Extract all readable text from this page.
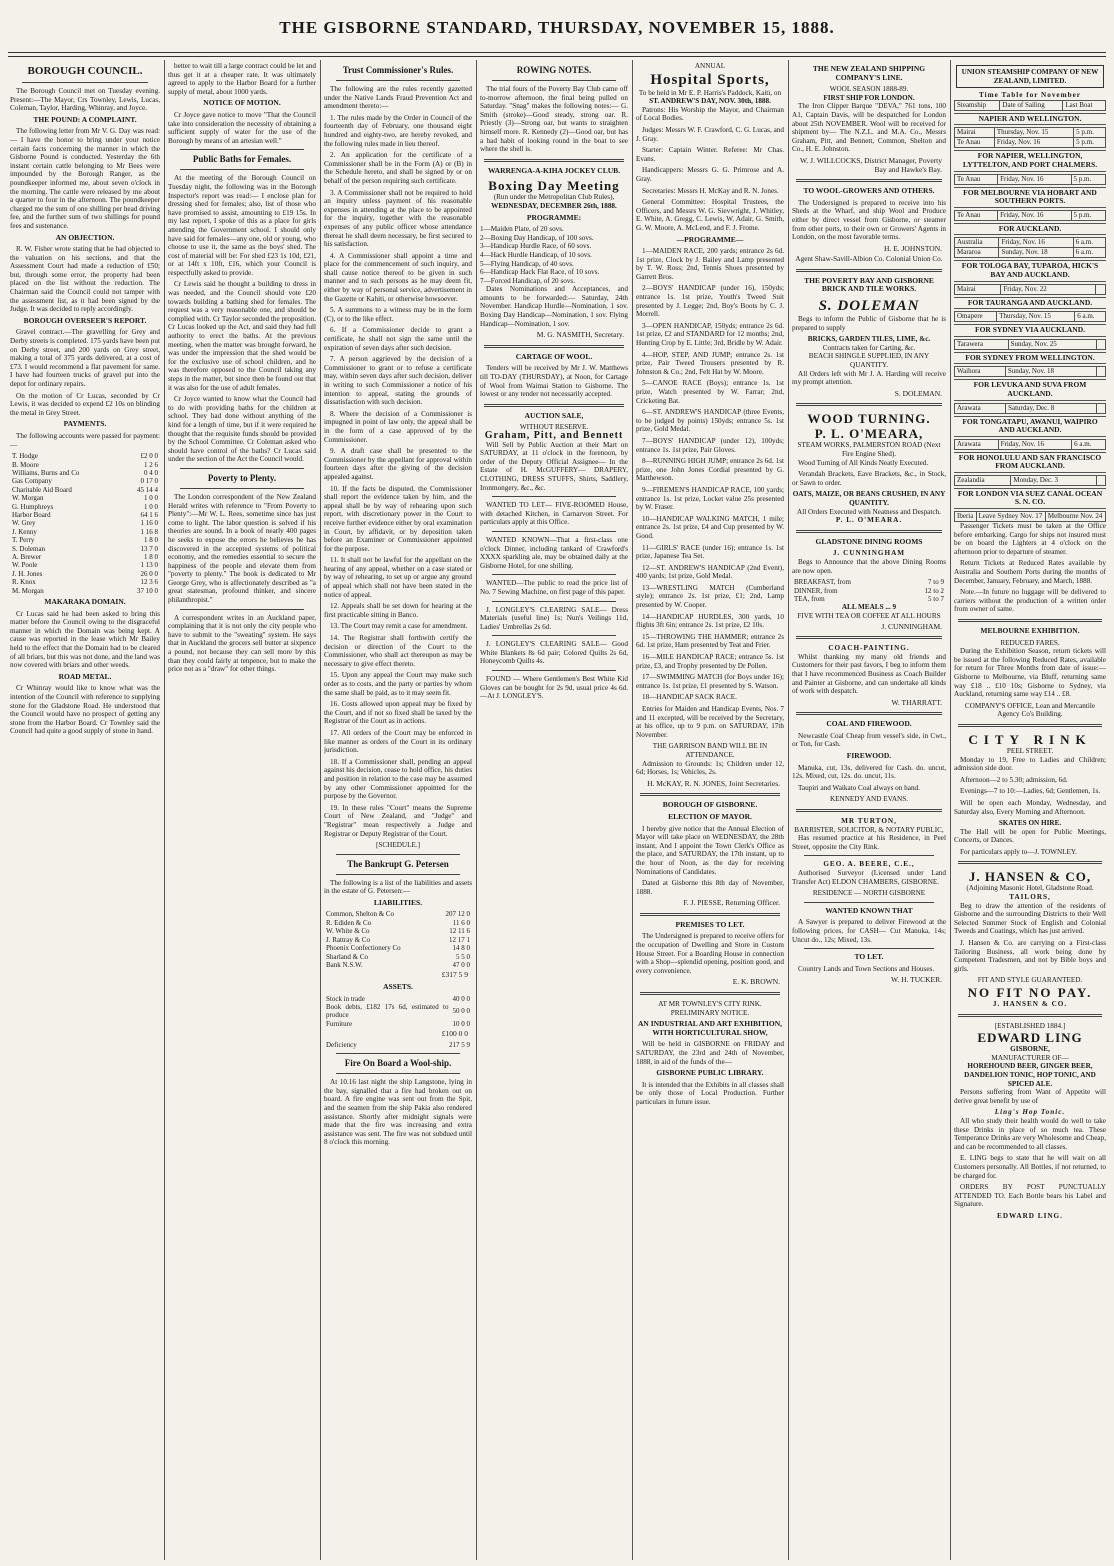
THE GISBORNE STANDARD, THURSDAY, NOVEMBER 15, 1888.
BOROUGH COUNCIL.

The Borough Council met on Tuesday evening. Present:—The Mayor, Crs Townley, Lewis, Lucas, Coleman, Taylor, Harding, Whinray, and Joyce.

THE POUND: A COMPLAINT.

The following letter from Mr V. G. Day was read:— I have the honor to bring under your notice certain facts concerning the manner in which the Gisborne Pound is conducted. Yesterday the 6th instant certain cattle belonging to Mr Bees were impounded by the Borough Ranger, as the poundkeeper informed me, about seven o'clock in the morning. The cattle were released by me about a quarter to four in the afternoon. The poundkeeper charged me the sum of one shilling per head driving fee, and the further sum of two shillings for pound fees and sustenance.

AN OBJECTION.

R. W. Fisher wrote stating that he had objected to the valuation on his sections, and that the Assessment Court had made a reduction of £50; but, through some error, the property had been placed on the list without the reduction. The Chairman said the Council could not tamper with the assessment list, as it had been signed by the Judge. It was decided to reply accordingly.

BOROUGH OVERSEER'S REPORT.

Gravel contract.—The gravelling for Grey and Derby streets is completed. 175 yards have been put on Derby street, and 200 yards on Grey street, making a total of 375 yards delivered, at a cost of £73. I would recommend a flat pavement for same. I have had fourteen trucks of gravel put into the depot for ordinary repairs.

On the motion of Cr Lucas, seconded by Cr Lewis, it was decided to expend £2 10s on blinding the metal in Grey Street.

PAYMENTS.

The following accounts were passed for payment:—

T. Hodge	£2 0 0
B. Moore	1 2 6
Williams, Burns and Co	0 4 0
Gas Company	0 17 0
Charitable Aid Board	45 14 4
W. Morgan	1 0 0
G. Humphreys	1 0 0
Harbor Board	64 1 6
W. Grey	1 16 0
J. Kenny	1 16 8
T. Perry	1 8 0
S. Doleman	13 7 0
A. Brewer	1 8 0
W. Poole	1 13 0
J. H. Jones	26 0 0
R. Knox	12 3 6
M. Morgan	37 10 0
MAKARAKA DOMAIN.

Cr Lucas said he had been asked to bring this matter before the Council owing to the disgraceful manner in which the Domain was being kept. A cause was reported in the lease which Mr Bailey held to the effect that the Domain had to be cleared of all briars, but this was not done, and the land was now covered with briars and other weeds.

ROAD METAL.

Cr Whinray would like to know what was the intention of the Council with reference to supplying stone for the Gladstone Road. He understood that the Council would have no prospect of getting any stone from the Harbor Board. Cr Townley said the Council had quite a good supply of stone in hand.

better to wait till a large contract could be let and thus get it at a cheaper rate. It was ultimately agreed to apply to the Harbor Board for a further supply of metal, about 1000 yards.

NOTICE OF MOTION.

Cr Joyce gave notice to move "That the Council take into consideration the necessity of obtaining a sufficient supply of water for the use of the Borough by means of an artesian well."

Public Baths for Females.

At the meeting of the Borough Council on Tuesday night, the following was in the Borough Inspector's report was read:— I enclose plan for dressing shed for females; also, list of those who have promised to assist, amounting to £19 15s. In my last report, I spoke of this as a place for girls attending the Government school. I should only have said for females—any one, old or young, who choose to use it, the same as the boys' shed. The cost of material will be: For shed £23 1s 10d, £21, or at 14ft x 10ft, £16, which your Council is respectfully asked to provide.

Cr Lewis said he thought a building to dress in was needed, and the Council should vote £20 towards building a bathing shed for females. The request was a very reasonable one, and should be complied with. Cr Taylor seconded the proposition. Cr Lucas looked up the Act, and said they had full authority to erect the baths. At the previous meeting, when the matter was brought forward, he was under the impression that the shed would be for the exclusive use of school children, and he was therefore opposed to the Council taking any steps in the matter, but since then he found out that it was also for the use of adult females.

Cr Joyce wanted to know what the Council had to do with providing baths for the children at school. They had done without anything of the kind for a length of time, but if it were required he thought that the requisite funds should be provided by the School Committee. Cr Coleman asked who should have control of the baths? Cr Lucas said under the section of the Act the Council would.

Poverty to Plenty.

The London correspondent of the New Zealand Herald writes with reference to "From Poverty to Plenty":—Mr W. L. Rees, sometime since has just come to light. The labor question is solved if his theories are sound. In a book of nearly 400 pages he seeks to expose the errors he believes he has discovered in the accepted systems of political economy, and the remedies essential to secure the happiness of the people and elevate them from "poverty to plenty." The book is dedicated to Mr George Grey, who is affectionately described as "a great statesman, profound thinker, and sincere philanthropist."

A correspondent writes in an Auckland paper, complaining that it is not only the city people who have to submit to the "sweating" system. He says that in Auckland the grocers sell butter at sixpence a pound, not because they can sell more by this than they could fairly at tenpence, but to make the price not as a "draw" for other things.

Trust Commissioner's Rules.

The following are the rules recently gazetted under the Native Lands Fraud Prevention Act and amendment thereto:—

1. The rules made by the Order in Council of the fourteenth day of February, one thousand eight hundred and eighty-two, are hereby revoked, and the following rules made in lieu thereof.

2. An application for the certificate of a Commissioner shall be in the Form (A) or (B) in the Schedule hereto, and shall be signed by or on behalf of the person requiring such certificate.

3. A Commissioner shall not be required to hold an inquiry unless payment of his reasonable expenses in attending at the place to be appointed for the inquiry, together with the reasonable expenses of any public officer whose attendance thereat he shall deem necessary, be first secured to his satisfaction.

4. A Commissioner shall appoint a time and place for the commencement of such inquiry, and shall cause notice thereof to be given in such manner and to such persons as he may deem fit, either by way of personal service, advertisement in the Gazette or Kahiti, or otherwise howsoever.

5. A summons to a witness may be in the form (C), or to the like effect.

6. If a Commissioner decide to grant a certificate, he shall not sign the same until the expiration of seven days after such decision.

7. A person aggrieved by the decision of a Commissioner to grant or to refuse a certificate may, within seven days after such decision, deliver in writing to such Commissioner a notice of his intention to appeal, stating the grounds of dissatisfaction with such decision.

8. Where the decision of a Commissioner is impugned in point of law only, the appeal shall be in the form of a case approved of by the Commissioner.

9. A draft case shall be presented to the Commissioner by the appellant for approval within fourteen days after the giving of the decision appealed against.

10. If the facts be disputed, the Commissioner shall report the evidence taken by him, and the appeal shall be by way of rehearing upon such report, with discretionary power in the Court to receive further evidence either by oral examination in Court, by affidavit, or by deposition taken before an Examiner or Commissioner appointed for the purpose.

11. It shall not be lawful for the appellant on the hearing of any appeal, whether on a case stated or by way of rehearing, to set up or argue any ground of appeal which shall not have been stated in the notice of appeal.

12. Appeals shall be set down for hearing at the first practicable sitting in Banco.

13. The Court may remit a case for amendment.

14. The Registrar shall forthwith certify the decision or direction of the Court to the Commissioner, who shall act thereupon as may be necessary to give effect thereto.

15. Upon any appeal the Court may make such order as to costs, and the party or parties by whom the same shall be paid, as to it may seem fit.

16. Costs allowed upon appeal may be fixed by the Court, and if not so fixed shall be taxed by the Registrar of the Court as in actions.

17. All orders of the Court may be enforced in like manner as orders of the Court in its ordinary jurisdiction.

18. If a Commissioner shall, pending an appeal against his decision, cease to hold office, his duties and position in relation to the case may be assumed by any other Commissioner appointed for the purpose by the Governor.

19. In these rules "Court" means the Supreme Court of New Zealand, and "Judge" and "Registrar" mean respectively a Judge and Registrar or Deputy Registrar of the Court.

[SCHEDULE.]
The Bankrupt G. Petersen

The following is a list of the liabilities and assets in the estate of G. Petersen:—

LIABILITIES.
Common, Shelton & Co	207 12 0
R. Ediden & Co	11 6 0
W. White & Co	12 11 6
J. Rattray & Co	12 17 1
Phoenix Confectionery Co	14 8 0
Sharland & Co	5 5 0
Bank N.S.W.	47 0 0
£317 5 9
ASSETS.
Stock in trade	40 0 0
Book debts, £182 17s 6d, estimated to produce	50 0 0
Furniture	10 0 0
£100 0 0
Deficiency	217 5 9
Fire On Board a Wool-ship.

At 10.16 last night the ship Langstone, lying in the bay, signalled that a fire had broken out on board. A fire engine was sent out from the Spit, and the seamen from the ship Pakia also rendered assistance. Shortly after midnight signals were made that the fire was increasing and extra assistance was sent. The fire was not subdued until 8 o'clock this morning.

ROWING NOTES.

The trial fours of the Poverty Bay Club came off to-morrow afternoon, the final being pulled on Saturday. "Snag" makes the following notes:— G. Smith (stroke)—Good steady, strong oar. R. Priestly (3)—Strong oar, but wants to straighten himself more. R. Kennedy (2)—Good oar, but has a bad habit of looking round in the boat to see where the shell is.

WARRENGA-A-KIHA JOCKEY CLUB.
Boxing Day Meeting
(Run under the Metropolitan Club Rules),
WEDNESDAY, DECEMBER 26th, 1888.
PROGRAMME:
1—Maiden Plate, of 20 sovs.
2—Boxing Day Handicap, of 100 sovs.
3—Handicap Hurdle Race, of 60 sovs.
4—Hack Hurdle Handicap, of 10 sovs.
5—Flying Handicap, of 40 sovs.
6—Handicap Hack Flat Race, of 10 sovs.
7—Forced Handicap, of 20 sovs.

Dates Nominations and Acceptances, and amounts to be forwarded:— Saturday, 24th November. Handicap Hurdle—Nomination, 1 sov. Boxing Day Handicap—Nomination, 1 sov. Flying Handicap—Nomination, 1 sov.

M. G. NASMITH, Secretary.
CARTAGE OF WOOL.

Tenders will be received by Mr J. W. Matthews till TO-DAY (THURSDAY), at Noon, for Cartage of Wool from Waimai Station to Gisborne. The lowest or any tender not necessarily accepted.

AUCTION SALE,
WITHOUT RESERVE.
Graham, Pitt, and Bennett

Will Sell by Public Auction at their Mart on SATURDAY, at 11 o'clock in the forenoon, by order of the Deputy Official Assignee— In the Estate of H. McGUFFERY— DRAPERY, CLOTHING, DRESS STUFFS, Shirts, Saddlery, Ironmongery, &c., &c.

WANTED TO LET— FIVE-ROOMED House, with detached Kitchen, in Carnarvon Street. For particulars apply at this Office.

WANTED KNOWN—That a first-class one o'clock Dinner, including tankard of Crawford's XXXX sparkling ale, may be obtained daily at the Gisborne Hotel, for one shilling.

WANTED—The public to read the price list of No. 7 Sewing Machine, on first page of this paper.

J. LONGLEY'S CLEARING SALE— Dress Materials (useful line) 1s; Nun's Veilings 11d, Ladies' Umbrellas 2s 6d.

J. LONGLEY'S CLEARING SALE— Good White Blankets 8s 6d pair; Colored Quilts 2s 6d, Honeycomb Quilts 4s.

FOUND — Where Gentlemen's Best White Kid Gloves can be bought for 2s 9d, usual price 4s 6d.—At J. LONGLEY'S.

ANNUAL
Hospital Sports,
To be held in Mr E. P. Harris's Paddock, Kaiti, on
ST. ANDREW'S DAY, NOV. 30th, 1888.

Patrons: His Worship the Mayor, and Chairman of Local Bodies.

Judges: Messrs W. F. Crawford, C. G. Lucas, and J. Gray.

Starter: Captain Winter. Referee: Mr Chas. Evans.

Handicappers: Messrs G. G. Primrose and A. Gray.

Secretaries: Messrs H. McKay and R. N. Jones.

General Committee: Hospital Trustees, the Officers, and Messrs W. G. Sievwright, J. Whitley, E. White, A. Gregg, C. Lewis, W. Adair, G. Smith, G. W. Moore, A. McLeod, and F. J. Frome.

—PROGRAMME—

1—MAIDEN RACE, 200 yards; entrance 2s 6d. 1st prize, Clock by J. Bailey and Lamp presented by T. W. Ross; 2nd, Tennis Shoes presented by Garrett Bros.

2—BOYS' HANDICAP (under 16), 150yds; entrance 1s. 1st prize, Youth's Tweed Suit presented by J. Legge; 2nd, Boy's Boots by C. J. Morrell.

3—OPEN HANDICAP, 150yds; entrance 2s 6d. 1st prize, £2 and STANDARD for 12 months; 2nd, Hunting Crop by E. Little; 3rd, Bridle by W. Adair.

4—HOP, STEP, AND JUMP; entrance 2s. 1st prize, Pair Tweed Trousers presented by R. Johnston & Co.; 2nd, Felt Hat by W. Moore.

5—CANOE RACE (Boys); entrance 1s. 1st prize, Watch presented by W. Farrar; 2nd, Cricketing Bat.

6—ST. ANDREW'S HANDICAP (three Events, to be judged by points) 150yds; entrance 5s. 1st prize, Gold Medal.

7—BOYS' HANDICAP (under 12), 100yds; entrance 1s. 1st prize, Pair Gloves.

8—RUNNING HIGH JUMP; entrance 2s 6d. 1st prize, one John Jones Cordial presented by G. Matthewson.

9—FIREMEN'S HANDICAP RACE, 100 yards; entrance 1s. 1st prize, Locket value 25s presented by W. Fraser.

10—HANDICAP WALKING MATCH, 1 mile; entrance 2s. 1st prize, £4 and Cup presented by W. Good.

11—GIRLS' RACE (under 16); entrance 1s. 1st prize, Japanese Tea Set.

12—ST. ANDREW'S HANDICAP (2nd Event), 400 yards; 1st prize, Gold Medal.

13—WRESTLING MATCH (Cumberland style); entrance 2s. 1st prize, £1; 2nd, Lamp presented by W. Cooper.

14—HANDICAP HURDLES, 300 yards, 10 flights 3ft 6in; entrance 2s. 1st prize, £2 10s.

15—THROWING THE HAMMER; entrance 2s 6d. 1st prize, Ham presented by Teat and Frier.

16—MILE HANDICAP RACE; entrance 5s. 1st prize, £3, and Trophy presented by Dr Pollen.

17—SWIMMING MATCH (for Boys under 16); entrance 1s. 1st prize, £1 presented by S. Watson.

18—HANDICAP SACK RACE.

Entries for Maiden and Handicap Events, Nos. 7 and 11 excepted, will be received by the Secretary, at his office, up to 9 p.m. on SATURDAY, 17th November.

THE GARRISON BAND WILL BE IN ATTENDANCE.

Admission to Grounds: 1s; Children under 12, 6d; Horses, 1s; Vehicles, 2s.

H. McKAY, R. N. JONES, Joint Secretaries.
BOROUGH OF GISBORNE.
ELECTION OF MAYOR.

I hereby give notice that the Annual Election of Mayor will take place on WEDNESDAY, the 28th instant, And I appoint the Town Clerk's Office as the place, and SATURDAY, the 17th instant, up to the hour of Noon, as the day for receiving Nominations of Candidates.

Dated at Gisborne this 8th day of November, 1888.

F. J. PIESSE, Returning Officer.
PREMISES TO LET.

The Undersigned is prepared to receive offers for the occupation of Dwelling and Store in Custom House Street. For a Boarding House in connection with a Shop—splendid opening, position good, and every convenience.

E. K. BROWN.
AT MR TOWNLEY'S CITY RINK.
PRELIMINARY NOTICE.
AN INDUSTRIAL AND ART EXHIBITION, WITH HORTICULTURAL SHOW,

Will be held in GISBORNE on FRIDAY and SATURDAY, the 23rd and 24th of November, 1888, in aid of the funds of the—

GISBORNE PUBLIC LIBRARY.

It is intended that the Exhibits in all classes shall be only those of Local Production. Further particulars in future issue.

THE NEW ZEALAND SHIPPING COMPANY'S LINE.
WOOL SEASON 1888-89.
FIRST SHIP FOR LONDON.

The Iron Clipper Barque "DEVA," 761 tons, 100 A1, Captain Davis, will be despatched for London about 25th NOVEMBER. Wool will be received for shipment by— The N.Z.L. and M.A. Co., Messrs Graham, Pitt, and Bennett, Common, Shelton and Co., H. E. Johnston.

W. J. WILLCOCKS, District Manager, Poverty Bay and Hawke's Bay.
TO WOOL-GROWERS AND OTHERS.

The Undersigned is prepared to receive into his Sheds at the Wharf, and ship Wool and Produce either by direct vessel from Gisborne, or steamer from other ports, to their own or Growers' Agents in London, on the most favorable terms.

H. E. JOHNSTON.
Agent Shaw-Savill-Albion Co. Colonial Union Co.
THE POVERTY BAY AND GISBORNE BRICK AND TILE WORKS.
S. DOLEMAN

Begs to inform the Public of Gisborne that he is prepared to supply

BRICKS, GARDEN TILES, LIME, &c.
Contracts taken for Carting, &c.
BEACH SHINGLE SUPPLIED, IN ANY QUANTITY.

All Orders left with Mr J. A. Harding will receive my prompt attention.

S. DOLEMAN.
WOOD TURNING.
P. L. O'MEARA,
STEAM WORKS, PALMERSTON ROAD (Next Fire Engine Shed).

Wood Turning of All Kinds Neatly Executed.

Verandah Brackets, Eave Brackets, &c., in Stock, or Sawn to order.

OATS, MAIZE, OR BEANS CRUSHED, IN ANY QUANTITY.
All Orders Executed with Neatness and Despatch.
P. L. O'MEARA.
GLADSTONE DINING ROOMS
J. CUNNINGHAM

Begs to Announce that the above Dining Rooms are now open.

BREAKFAST, from	7 to 9
DINNER, from	12 to 2
TEA, from	5 to 7
ALL MEALS ... 9
FIVE WITH TEA OR COFFEE AT ALL HOURS
J. CUNNINGHAM.
COACH-PAINTING.

Whilst thanking my many old friends and Customers for their past favors, I beg to inform them that I have recommenced Business as Coach Builder and Painter at Gisborne, and can undertake all kinds of work with despatch.

W. THARRATT.
COAL AND FIREWOOD.

Newcastle Coal Cheap from vessel's side, in Cwt., or Ton, for Cash.

FIREWOOD.

Manuka, cut, 13s, delivered for Cash. do. uncut, 12s. Mixed, cut, 12s. do. uncut, 11s.

Taupiri and Waikato Coal always on hand.

KENNEDY AND EVANS.
MR TURTON,
BARRISTER, SOLICITOR, & NOTARY PUBLIC,

Has resumed practice at his Residence, in Peel Street, opposite the City Rink.

GEO. A. BEERE, C.E.,

Authorised Surveyor (Licensed under Land Transfer Act) ELDON CHAMBERS, GISBORNE.

RESIDENCE — NORTH GISBORNE
WANTED KNOWN THAT

A Sawyer is prepared to deliver Firewood at the following prices, for CASH— Cut Manuka, 14s; Uncut do., 12s; Mixed, 13s.

TO LET.

Country Lands and Town Sections and Houses.

W. H. TUCKER.
UNION STEAMSHIP COMPANY OF NEW ZEALAND, LIMITED.
Time Table for November
Steamship	Date of Sailing	Last Boat
NAPIER AND WELLINGTON.
Mairai	Thursday, Nov. 15	5 p.m.
Te Anau	Friday, Nov. 16	5 p.m.
FOR NAPIER, WELLINGTON, LYTTELTON, AND PORT CHALMERS.
Te Anau	Friday, Nov. 16	5 p.m.
FOR MELBOURNE VIA HOBART AND SOUTHERN PORTS.
Te Anau	Friday, Nov. 16	5 p.m.
FOR AUCKLAND.
Australia	Friday, Nov. 16	6 a.m.
Mararoa	Sunday, Nov. 18	6 a.m.
FOR TOLOGA BAY, TUPAROA, HICK'S BAY AND AUCKLAND.
Mairai	Friday, Nov. 22	
FOR TAURANGA AND AUCKLAND.
Omapere	Thursday, Nov. 15	6 a.m.
FOR SYDNEY VIA AUCKLAND.
Tarawera	Sunday, Nov. 25	
FOR SYDNEY FROM WELLINGTON.
Waihora	Sunday, Nov. 18	
FOR LEVUKA AND SUVA FROM AUCKLAND.
Arawata	Saturday, Dec. 8	
FOR TONGATAPU, AWANUI, WAIPIRO AND AUCKLAND.
Arawata	Friday, Nov. 16	6 a.m.
FOR HONOLULU AND SAN FRANCISCO FROM AUCKLAND.
Zealandia	Monday, Dec. 3	
FOR LONDON VIA SUEZ CANAL OCEAN S. N. CO.
Iberia	Leave Sydney Nov. 17	Melbourne Nov. 24

Passenger Tickets must be taken at the Office before embarking. Cargo for ships not insured must be on board the Lighters at 4 o'clock on the afternoon prior to departure of steamer.

Return Tickets at Reduced Rates available by Australia and Southern Ports during the months of December, January, February, and March, 1888.

Note.—In future no luggage will be delivered to carriers without the production of a written order from owner of same.

MELBOURNE EXHIBITION.
REDUCED FARES.

During the Exhibition Season, return tickets will be issued at the following Reduced Rates, available for return for Three Months from date of issue:— Gisborne to Melbourne, via Bluff, returning same way £18 .. £10 10s; Gisborne to Sydney, via Auckland, returning same way £14 .. £8.

COMPANY'S OFFICE, Lean and Mercantile Agency Co's Building.
CITY RINK
PEEL STREET.

Monday to 19, Free to Ladies and Children; admission side door.

Afternoon—2 to 5.30; admission, 6d.

Evenings—7 to 10:—Ladies, 6d; Gentlemen, 1s.

Will be open each Monday, Wednesday, and Saturday also, Every Morning and Afternoon.

SKATES ON HIRE.

The Hall will be open for Public Meetings, Concerts, or Dances.

For particulars apply to—J. TOWNLEY.

J. HANSEN & CO,
(Adjoining Masonic Hotel, Gladstone Road.
TAILORS,

Beg to draw the attention of the residents of Gisborne and the surrounding Districts to their Well Selected Summer Stock of English and Colonial Tweeds and Coatings, which has just arrived.

J. Hansen & Co. are carrying on a First-class Tailoring Business, all work being done by Competent Tradesmen, and not by Bible boys and girls.

FIT AND STYLE GUARANTEED.
NO FIT NO PAY.
J. HANSEN & CO.
[ESTABLISHED 1884.]
EDWARD LING
GISBORNE,
MANUFACTURER OF—
HOREHOUND BEER, GINGER BEER, DANDELION TONIC, HOP TONIC, AND SPICED ALE.

Persons suffering from Want of Appetite will derive great benefit by use of

Ling's Hop Tonic.

All who study their health would do well to take these Drinks in place of so much tea. These Temperance Drinks are very Wholesome and Cheap, and can be recommended to all classes.

E. LING begs to state that he will wait on all Customers personally. All Bottles, if not returned, to be charged for.

ORDERS BY POST PUNCTUALLY ATTENDED TO. Each Bottle bears his Label and Signature.

EDWARD LING.
